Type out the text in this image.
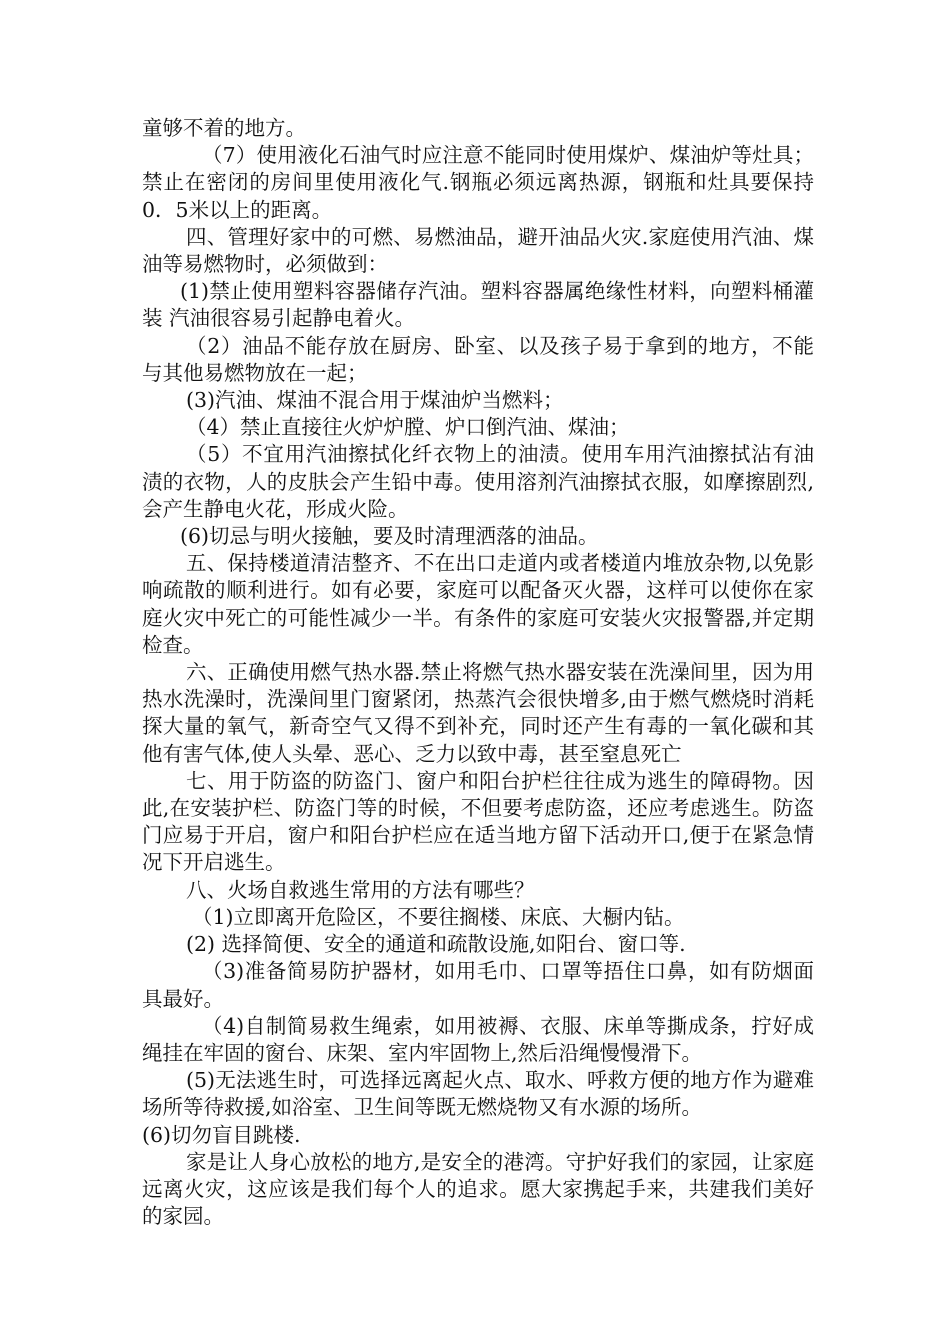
童够不着的地方。

（7）使用液化石油气时应注意不能同时使用煤炉、煤油炉等灶具；禁止在密闭的房间里使用液化气.钢瓶必须远离热源，钢瓶和灶具要保持 0．5米以上的距离。

四、管理好家中的可燃、易燃油品，避开油品火灾.家庭使用汽油、煤油等易燃物时，必须做到：

(1)禁止使用塑料容器储存汽油。塑料容器属绝缘性材料，向塑料桶灌装 汽油很容易引起静电着火。

（2）油品不能存放在厨房、卧室、以及孩子易于拿到的地方，不能与其他易燃物放在一起；

(3)汽油、煤油不混合用于煤油炉当燃料；

（4）禁止直接往火炉炉膛、炉口倒汽油、煤油；

（5）不宜用汽油擦拭化纤衣物上的油渍。使用车用汽油擦拭沾有油渍的衣物，人的皮肤会产生铅中毒。使用溶剂汽油擦拭衣服，如摩擦剧烈,会产生静电火花，形成火险。

(6)切忌与明火接触，要及时清理洒落的油品。

五、保持楼道清洁整齐、不在出口走道内或者楼道内堆放杂物,以免影响疏散的顺利进行。如有必要，家庭可以配备灭火器，这样可以使你在家庭火灾中死亡的可能性减少一半。有条件的家庭可安装火灾报警器,并定期检查。

六、正确使用燃气热水器.禁止将燃气热水器安装在洗澡间里，因为用热水洗澡时，洗澡间里门窗紧闭，热蒸汽会很快增多,由于燃气燃烧时消耗探大量的氧气，新奇空气又得不到补充，同时还产生有毒的一氧化碳和其他有害气体,使人头晕、恶心、乏力以致中毒，甚至窒息死亡

七、用于防盗的防盗门、窗户和阳台护栏往往成为逃生的障碍物。因此,在安装护栏、防盗门等的时候，不但要考虑防盗，还应考虑逃生。防盗门应易于开启，窗户和阳台护栏应在适当地方留下活动开口,便于在紧急情况下开启逃生。

八、火场自救逃生常用的方法有哪些？

（1)立即离开危险区，不要往搁楼、床底、大橱内钻。

(2) 选择简便、安全的通道和疏散设施,如阳台、窗口等.

（3)准备简易防护器材，如用毛巾、口罩等捂住口鼻，如有防烟面具最好。

（4)自制简易救生绳索，如用被褥、衣服、床单等撕成条，拧好成绳挂在牢固的窗台、床架、室内牢固物上,然后沿绳慢慢滑下。

(5)无法逃生时，可选择远离起火点、取水、呼救方便的地方作为避难场所等待救援,如浴室、卫生间等既无燃烧物又有水源的场所。

(6)切勿盲目跳楼.

家是让人身心放松的地方,是安全的港湾。守护好我们的家园，让家庭远离火灾，这应该是我们每个人的追求。愿大家携起手来，共建我们美好的家园。
